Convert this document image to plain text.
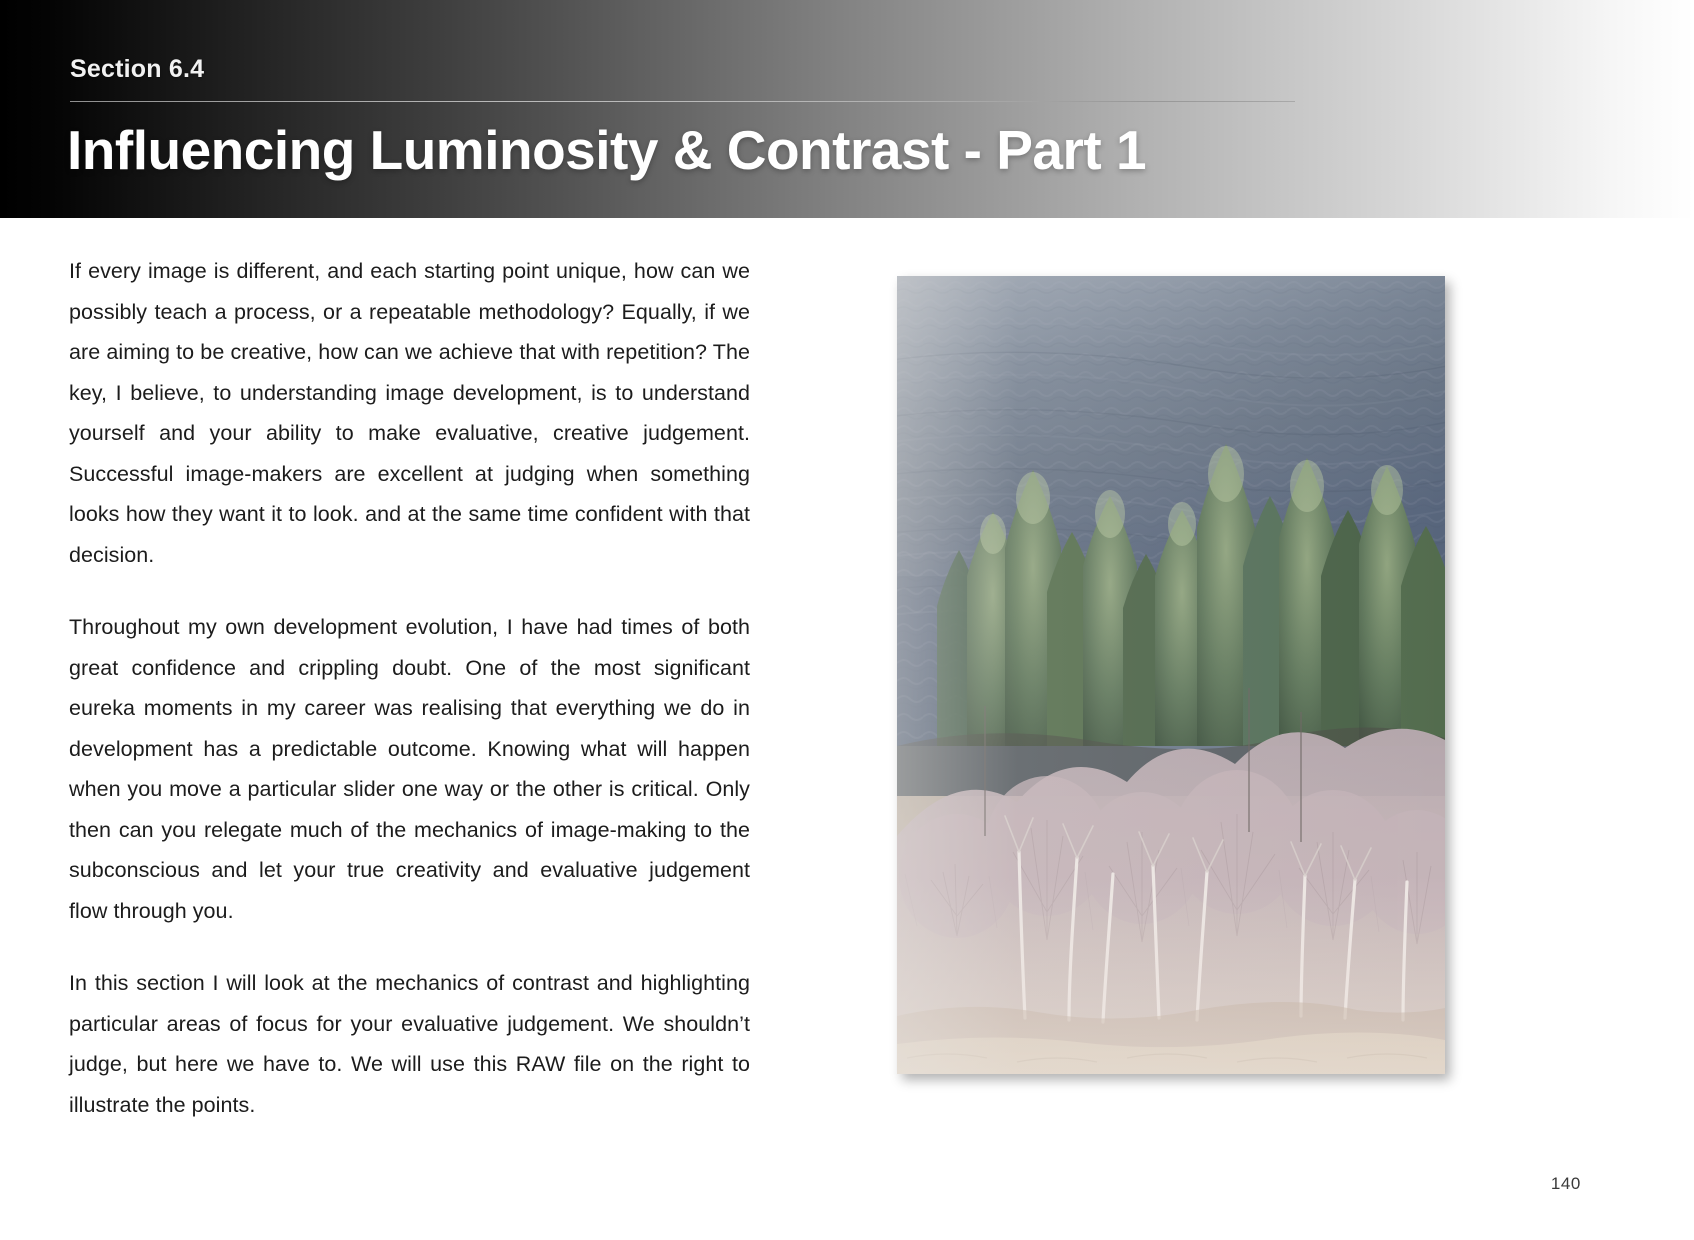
Section 6.4
Influencing Luminosity & Contrast - Part 1

If every image is different, and each starting point unique, how can we possibly teach a process, or a repeatable methodology? Equally, if we are aiming to be creative, how can we achieve that with repetition? The key, I believe, to understanding image development, is to understand yourself and your ability to make evaluative, creative judgement. Successful image-makers are excellent at judging when something looks how they want it to look. and at the same time confident with that decision.

Throughout my own development evolution, I have had times of both great confidence and crippling doubt. One of the most significant eureka moments in my career was realising that everything we do in development has a predictable outcome. Knowing what will happen when you move a particular slider one way or the other is critical. Only then can you relegate much of the mechanics of image-making to the subconscious and let your true creativity and evaluative judgement flow through you.

In this section I will look at the mechanics of contrast and highlighting particular areas of focus for your evaluative judgement. We shouldn’t judge, but here we have to. We will use this RAW file on the right to illustrate the points.

140
